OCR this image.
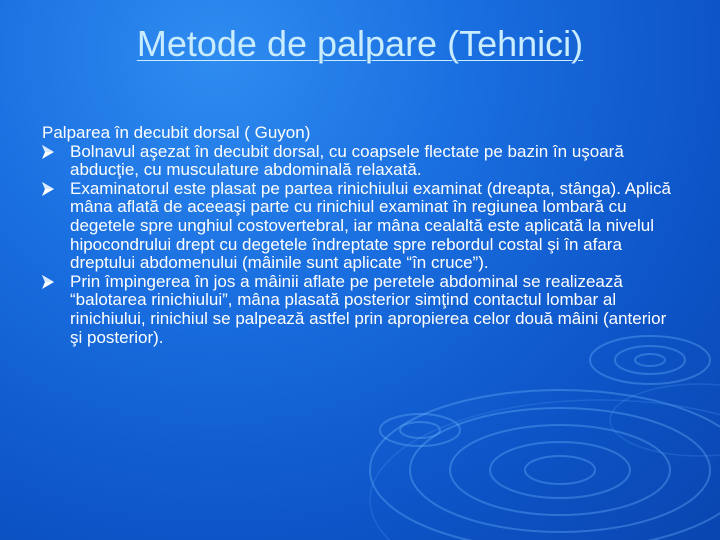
Metode de palpare (Tehnici)

Palparea în decubit dorsal ( Guyon)

Bolnavul aşezat în decubit dorsal, cu coapsele flectate pe bazin în uşoară abducţie, cu musculature abdominală relaxată.
Examinatorul este plasat pe partea rinichiului examinat (dreapta, stânga). Aplică mâna aflată de aceeaşi parte cu rinichiul examinat în regiunea lombară cu degetele spre unghiul costovertebral, iar mâna cealaltă este aplicată la nivelul hipocondrului drept cu degetele îndreptate spre rebordul costal şi în afara dreptului abdomenului (mâinile sunt aplicate “în cruce”).
Prin împingerea în jos a mâinii aflate pe peretele abdominal se realizează “balotarea rinichiului”, mâna plasată posterior simţind contactul lombar al rinichiului, rinichiul se palpează astfel prin apropierea celor două mâini (anterior şi posterior).
